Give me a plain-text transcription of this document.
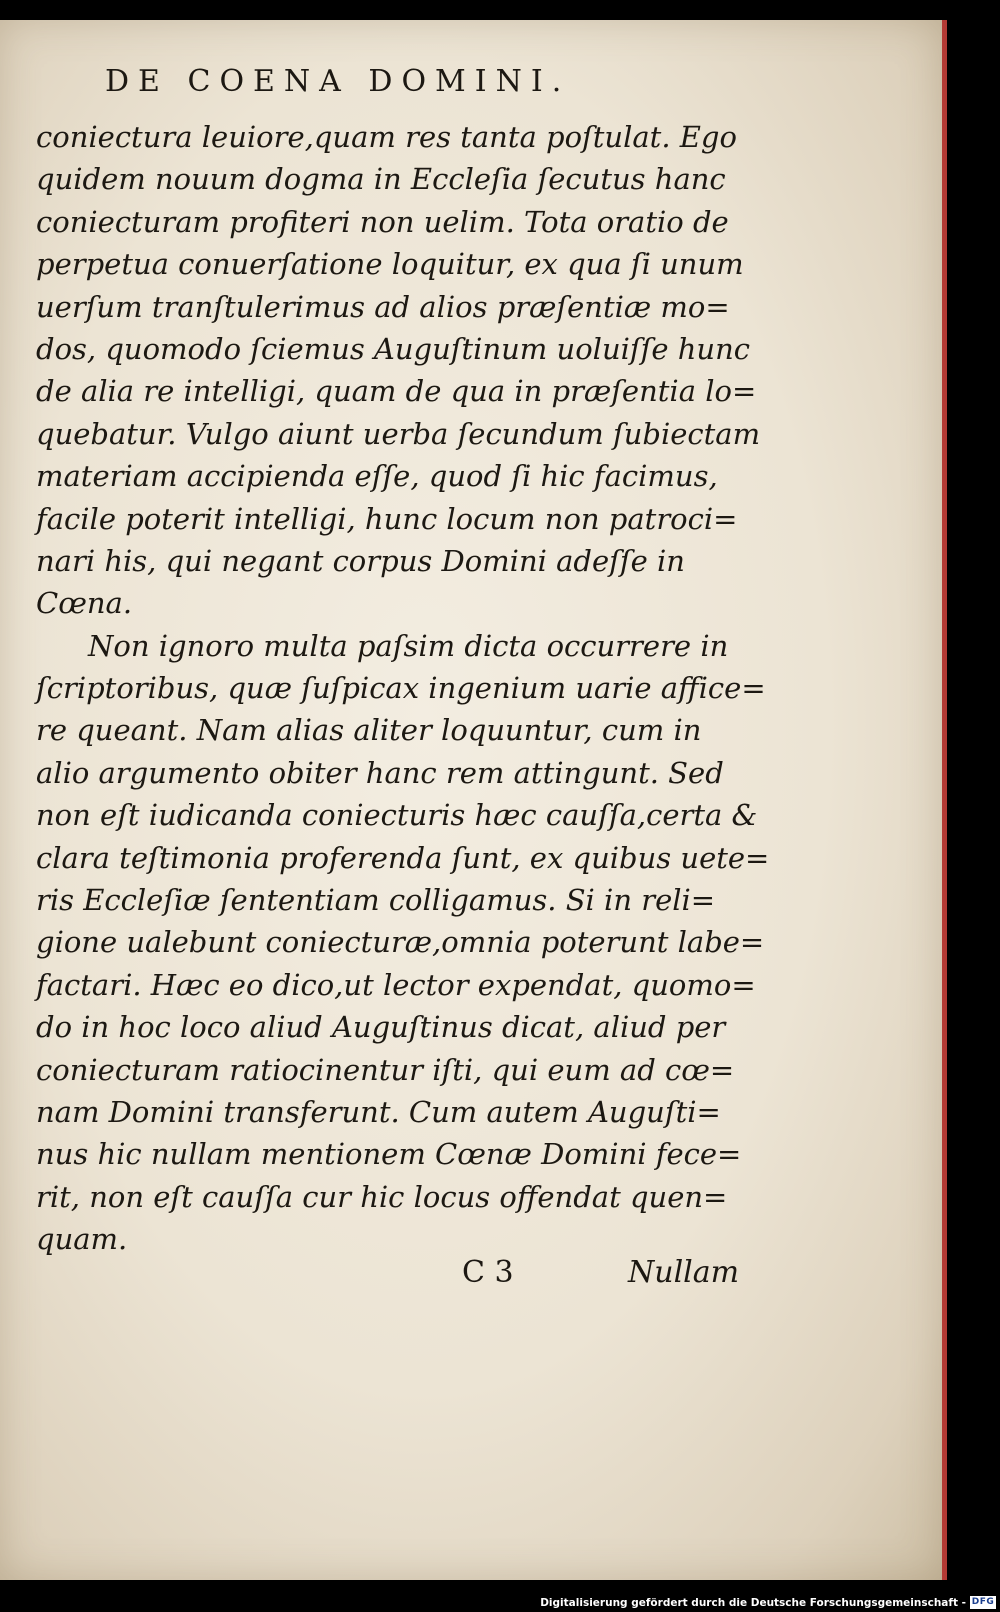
DE COENA DOMINI.
coniectura leuiore,quam res tanta poſtulat. Ego
quidem nouum dogma in Eccleſia ſecutus hanc
coniecturam profiteri non uelim. Tota oratio de
perpetua conuerſatione loquitur, ex qua ſi unum
uerſum tranſtulerimus ad alios præſentiæ mo=
dos, quomodo ſciemus Auguſtinum uoluiſſe hunc
de alia re intelligi, quam de qua in præſentia lo=
quebatur. Vulgo aiunt uerba ſecundum ſubiectam
materiam accipienda eſſe, quod ſi hic facimus,
facile poterit intelligi, hunc locum non patroci=
nari his, qui negant corpus Domini adeſſe in
Cœna.
Non ignoro multa paſsim dicta occurrere in
ſcriptoribus, quæ ſuſpicax ingenium uarie affice=
re queant. Nam alias aliter loquuntur, cum in
alio argumento obiter hanc rem attingunt. Sed
non eſt iudicanda coniecturis hæc cauſſa,certa &
clara teſtimonia proferenda ſunt, ex quibus uete=
ris Eccleſiæ ſententiam colligamus. Si in reli=
gione ualebunt coniecturæ,omnia poterunt labe=
factari. Hæc eo dico,ut lector expendat, quomo=
do in hoc loco aliud Auguſtinus dicat, aliud per
coniecturam ratiocinentur iſti, qui eum ad cœ=
nam Domini transferunt. Cum autem Auguſti=
nus hic nullam mentionem Cœnæ Domini fece=
rit, non eſt cauſſa cur hic locus offendat quen=
quam.
C 3	Nullam
Digitalisierung gefördert durch die Deutsche Forschungsgemeinschaft - DFG
